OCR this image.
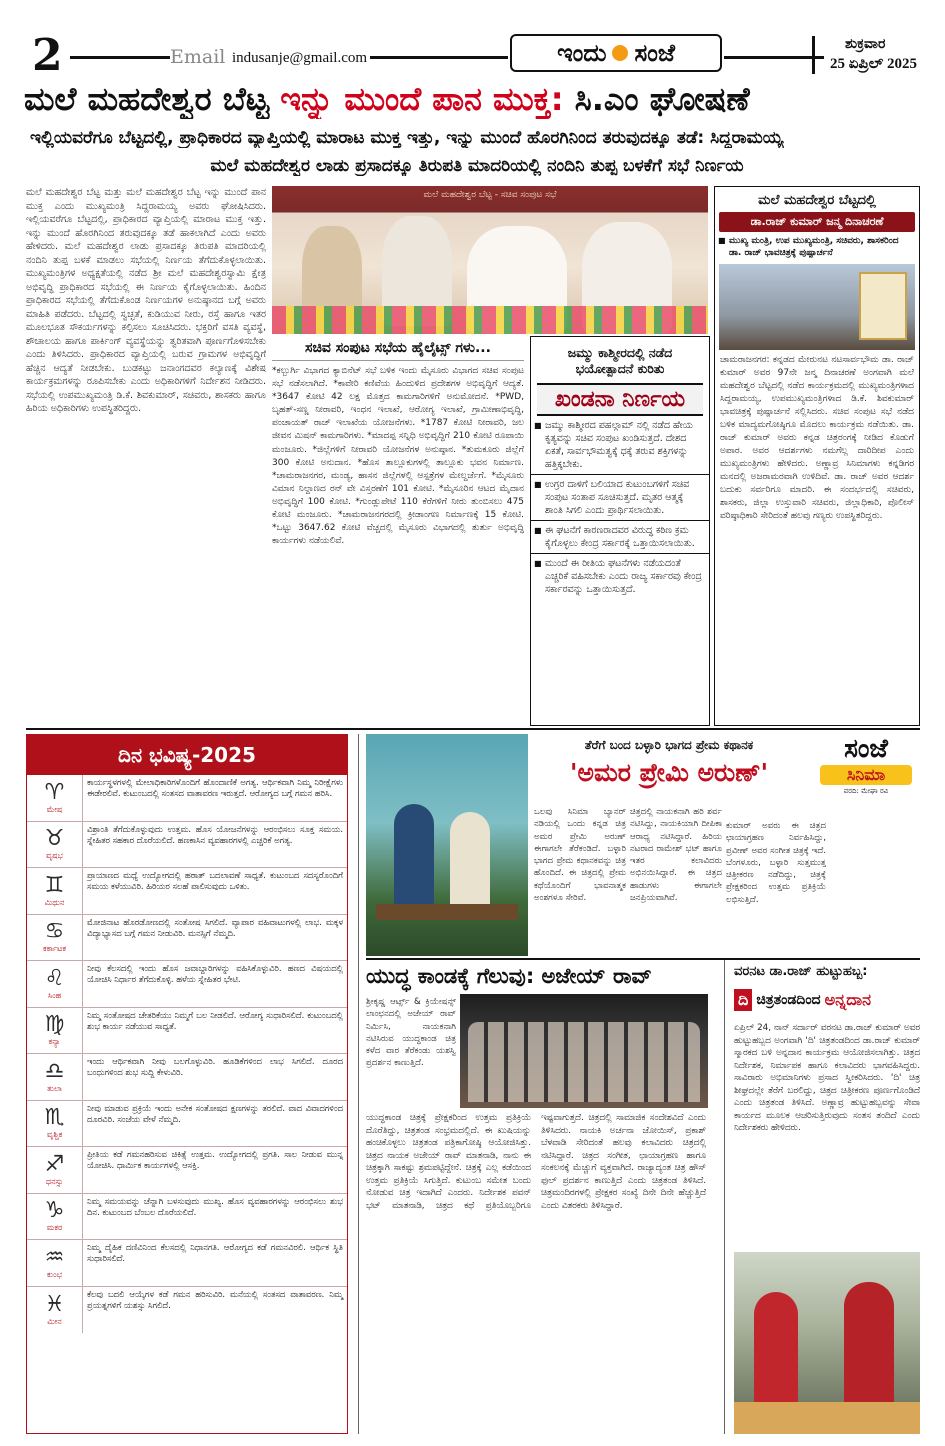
2	Email indusanje@gmail.com	ಇಂದು ಸಂಜೆ	ಶುಕ್ರವಾರ
25 ಏಪ್ರಿಲ್ 2025
ಮಲೆ ಮಹದೇಶ್ವರ ಬೆಟ್ಟ ಇನ್ನು ಮುಂದೆ ಪಾನ ಮುಕ್ತ: ಸಿ.ಎಂ ಘೋಷಣೆ
ಇಲ್ಲಿಯವರೆಗೂ ಬೆಟ್ಟದಲ್ಲಿ, ಪ್ರಾಧಿಕಾರದ ವ್ಯಾಪ್ತಿಯಲ್ಲಿ ಮಾರಾಟ ಮುಕ್ತ ಇತ್ತು, ಇನ್ನು ಮುಂದೆ ಹೊರಗಿನಿಂದ ತರುವುದಕ್ಕೂ ತಡೆ: ಸಿದ್ದರಾಮಯ್ಯ
ಮಲೆ ಮಹದೇಶ್ವರ ಲಾಡು ಪ್ರಸಾದಕ್ಕೂ ತಿರುಪತಿ ಮಾದರಿಯಲ್ಲಿ ನಂದಿನಿ ತುಪ್ಪ ಬಳಕೆಗೆ ಸಭೆ ನಿರ್ಣಯ
ಮಲೆ ಮಹದೇಶ್ವರ ಬೆಟ್ಟ ಮತ್ತು ಮಲೆ ಮಹದೇಶ್ವರ ಬೆಟ್ಟ ಇನ್ನು ಮುಂದೆ ಪಾನ ಮುಕ್ತ ಎಂದು ಮುಖ್ಯಮಂತ್ರಿ ಸಿದ್ದರಾಮಯ್ಯ ಅವರು ಘೋಷಿಸಿದರು. ಇಲ್ಲಿಯವರೆಗೂ ಬೆಟ್ಟದಲ್ಲಿ, ಪ್ರಾಧಿಕಾರದ ವ್ಯಾಪ್ತಿಯಲ್ಲಿ ಮಾರಾಟ ಮುಕ್ತ ಇತ್ತು. ಇನ್ನು ಮುಂದೆ ಹೊರಗಿನಿಂದ ತರುವುದಕ್ಕೂ ತಡೆ ಹಾಕಲಾಗಿದೆ ಎಂದು ಅವರು ಹೇಳಿದರು. ಮಲೆ ಮಹದೇಶ್ವರ ಲಾಡು ಪ್ರಸಾದಕ್ಕೂ ತಿರುಪತಿ ಮಾದರಿಯಲ್ಲಿ ನಂದಿನಿ ತುಪ್ಪ ಬಳಕೆ ಮಾಡಲು ಸಭೆಯಲ್ಲಿ ನಿರ್ಣಯ ತೆಗೆದುಕೊಳ್ಳಲಾಯಿತು. ಮುಖ್ಯಮಂತ್ರಿಗಳ ಅಧ್ಯಕ್ಷತೆಯಲ್ಲಿ ನಡೆದ ಶ್ರೀ ಮಲೆ ಮಹದೇಶ್ವರಸ್ವಾಮಿ ಕ್ಷೇತ್ರ ಅಭಿವೃದ್ಧಿ ಪ್ರಾಧಿಕಾರದ ಸಭೆಯಲ್ಲಿ ಈ ನಿರ್ಣಯ ಕೈಗೊಳ್ಳಲಾಯಿತು. ಹಿಂದಿನ ಪ್ರಾಧಿಕಾರದ ಸಭೆಯಲ್ಲಿ ತೆಗೆದುಕೊಂಡ ನಿರ್ಣಯಗಳ ಅನುಷ್ಠಾನದ ಬಗ್ಗೆ ಅವರು ಮಾಹಿತಿ ಪಡೆದರು. ಬೆಟ್ಟದಲ್ಲಿ ಸ್ವಚ್ಛತೆ, ಕುಡಿಯುವ ನೀರು, ರಸ್ತೆ ಹಾಗೂ ಇತರ ಮೂಲಭೂತ ಸೌಕರ್ಯಗಳನ್ನು ಕಲ್ಪಿಸಲು ಸೂಚಿಸಿದರು. ಭಕ್ತರಿಗೆ ವಸತಿ ವ್ಯವಸ್ಥೆ, ಶೌಚಾಲಯ ಹಾಗೂ ಪಾರ್ಕಿಂಗ್ ವ್ಯವಸ್ಥೆಯನ್ನು ತ್ವರಿತವಾಗಿ ಪೂರ್ಣಗೊಳಿಸಬೇಕು ಎಂದು ತಿಳಿಸಿದರು. ಪ್ರಾಧಿಕಾರದ ವ್ಯಾಪ್ತಿಯಲ್ಲಿ ಬರುವ ಗ್ರಾಮಗಳ ಅಭಿವೃದ್ಧಿಗೆ ಹೆಚ್ಚಿನ ಆದ್ಯತೆ ನೀಡಬೇಕು. ಬುಡಕಟ್ಟು ಜನಾಂಗದವರ ಕಲ್ಯಾಣಕ್ಕೆ ವಿಶೇಷ ಕಾರ್ಯಕ್ರಮಗಳನ್ನು ರೂಪಿಸಬೇಕು ಎಂದು ಅಧಿಕಾರಿಗಳಿಗೆ ನಿರ್ದೇಶನ ನೀಡಿದರು. ಸಭೆಯಲ್ಲಿ ಉಪಮುಖ್ಯಮಂತ್ರಿ ಡಿ.ಕೆ. ಶಿವಕುಮಾರ್, ಸಚಿವರು, ಶಾಸಕರು ಹಾಗೂ ಹಿರಿಯ ಅಧಿಕಾರಿಗಳು ಉಪಸ್ಥಿತರಿದ್ದರು.
ಮಲೆ ಮಹದೇಶ್ವರ ಬೆಟ್ಟ - ಸಚಿವ ಸಂಪುಟ ಸಭೆ
ಸಚಿವ ಸಂಪುಟ ಸಭೆಯ ಹೈಲೈಟ್ಸ್ ಗಳು...
*ಕಲ್ಬುರ್ಗಿ ವಿಭಾಗದ ಕ್ಯಾಬಿನೆಟ್ ಸಭೆ ಬಳಿಕ ಇಂದು ಮೈಸೂರು ವಿಭಾಗದ ಸಚಿವ ಸಂಪುಟ ಸಭೆ ನಡೆಸಲಾಗಿದೆ. *ಕಾವೇರಿ ಕಣಿವೆಯ ಹಿಂದುಳಿದ ಪ್ರದೇಶಗಳ ಅಭಿವೃದ್ಧಿಗೆ ಆದ್ಯತೆ. *3647 ಕೋಟಿ 42 ಲಕ್ಷ ಮೊತ್ತದ ಕಾಮಗಾರಿಗಳಿಗೆ ಅನುಮೋದನೆ. *PWD, ಬೃಹತ್-ಸಣ್ಣ ನೀರಾವರಿ, ಇಂಧನ ಇಲಾಖೆ, ಆರೋಗ್ಯ ಇಲಾಖೆ, ಗ್ರಾಮೀಣಾಭಿವೃದ್ಧಿ, ಪಂಚಾಯತ್ ರಾಜ್ ಇಲಾಖೆಯ ಯೋಜನೆಗಳು. *1787 ಕೋಟಿ ನೀರಾವರಿ, ಜಲ ಜೀವನ ಮಿಷನ್ ಕಾಮಗಾರಿಗಳು. *ಮಾದಪ್ಪ ಸನ್ನಿಧಿ ಅಭಿವೃದ್ಧಿಗೆ 210 ಕೋಟಿ ರೂಪಾಯಿ ಮಂಜೂರು. *ಜಿಲ್ಲೆಗಳಿಗೆ ನೀರಾವರಿ ಯೋಜನೆಗಳ ಅನುಷ್ಠಾನ. *ತುಮಕೂರು ಜಿಲ್ಲೆಗೆ 300 ಕೋಟಿ ಅನುದಾನ. *ಹೊಸ ತಾಲ್ಲೂಕುಗಳಲ್ಲಿ ತಾಲ್ಲೂಕು ಭವನ ನಿರ್ಮಾಣ. *ಚಾಮರಾಜನಗರ, ಮಂಡ್ಯ, ಹಾಸನ ಜಿಲ್ಲೆಗಳಲ್ಲಿ ಆಸ್ಪತ್ರೆಗಳ ಮೇಲ್ದರ್ಜೆಗೆ. *ಮೈಸೂರು ವಿಮಾನ ನಿಲ್ದಾಣದ ರನ್ ವೇ ವಿಸ್ತರಣೆಗೆ 101 ಕೋಟಿ. *ಮೈಸೂರಿನ ಆಟದ ಮೈದಾನ ಅಭಿವೃದ್ಧಿಗೆ 100 ಕೋಟಿ. *ಗುಂಡ್ಲುಪೇಟೆ 110 ಕೆರೆಗಳಿಗೆ ನೀರು ತುಂಬಿಸಲು 475 ಕೋಟಿ ಮಂಜೂರು. *ಚಾಮರಾಜನಗರದಲ್ಲಿ ಕ್ರೀಡಾಂಗಣ ನಿರ್ಮಾಣಕ್ಕೆ 15 ಕೋಟಿ. *ಒಟ್ಟು 3647.62 ಕೋಟಿ ವೆಚ್ಚದಲ್ಲಿ ಮೈಸೂರು ವಿಭಾಗದಲ್ಲಿ ತುರ್ತು ಅಭಿವೃದ್ಧಿ ಕಾರ್ಯಗಳು ನಡೆಯಲಿವೆ.
ಜಮ್ಮು ಕಾಶ್ಮೀರದಲ್ಲಿ ನಡೆದ
ಭಯೋತ್ಪಾದನೆ ಕುರಿತು
ಖಂಡನಾ ನಿರ್ಣಯ
■ ಜಮ್ಮು ಕಾಶ್ಮೀರದ ಪಹಲ್ಗಾಮ್ ನಲ್ಲಿ ನಡೆದ ಹೇಯ ಕೃತ್ಯವನ್ನು ಸಚಿವ ಸಂಪುಟ ಖಂಡಿಸುತ್ತದೆ. ದೇಶದ ಏಕತೆ, ಸಾರ್ವಭೌಮತ್ವಕ್ಕೆ ಧಕ್ಕೆ ತರುವ ಶಕ್ತಿಗಳನ್ನು ಹತ್ತಿಕ್ಕಬೇಕು.
■ ಉಗ್ರರ ದಾಳಿಗೆ ಬಲಿಯಾದ ಕುಟುಂಬಗಳಿಗೆ ಸಚಿವ ಸಂಪುಟ ಸಂತಾಪ ಸೂಚಿಸುತ್ತದೆ. ಮೃತರ ಆತ್ಮಕ್ಕೆ ಶಾಂತಿ ಸಿಗಲಿ ಎಂದು ಪ್ರಾರ್ಥಿಸಲಾಯಿತು.
■ ಈ ಘಟನೆಗೆ ಕಾರಣರಾದವರ ವಿರುದ್ಧ ಕಠಿಣ ಕ್ರಮ ಕೈಗೊಳ್ಳಲು ಕೇಂದ್ರ ಸರ್ಕಾರಕ್ಕೆ ಒತ್ತಾಯಿಸಲಾಯಿತು.
■ ಮುಂದೆ ಈ ರೀತಿಯ ಘಟನೆಗಳು ನಡೆಯದಂತೆ ಎಚ್ಚರಿಕೆ ವಹಿಸಬೇಕು ಎಂದು ರಾಜ್ಯ ಸರ್ಕಾರವು ಕೇಂದ್ರ ಸರ್ಕಾರವನ್ನು ಒತ್ತಾಯಿಸುತ್ತದೆ.
ಮಲೆ ಮಹದೇಶ್ವರ ಬೆಟ್ಟದಲ್ಲಿ
ಡಾ.ರಾಜ್ ಕುಮಾರ್ ಜನ್ಮ ದಿನಾಚರಣೆ
■ ಮುಖ್ಯ ಮಂತ್ರಿ, ಉಪ ಮುಖ್ಯಮಂತ್ರಿ, ಸಚಿವರು, ಶಾಸಕರಿಂದ ಡಾ. ರಾಜ್ ಭಾವಚಿತ್ರಕ್ಕೆ ಪುಷ್ಪಾರ್ಚನೆ
ಚಾಮರಾಜನಗರ: ಕನ್ನಡದ ಮೇರುನಟ ನಟಸಾರ್ವಭೌಮ ಡಾ. ರಾಜ್ ಕುಮಾರ್ ಅವರ 97ನೇ ಜನ್ಮ ದಿನಾಚರಣೆ ಅಂಗವಾಗಿ ಮಲೆ ಮಹದೇಶ್ವರ ಬೆಟ್ಟದಲ್ಲಿ ನಡೆದ ಕಾರ್ಯಕ್ರಮದಲ್ಲಿ ಮುಖ್ಯಮಂತ್ರಿಗಳಾದ ಸಿದ್ದರಾಮಯ್ಯ, ಉಪಮುಖ್ಯಮಂತ್ರಿಗಳಾದ ಡಿ.ಕೆ. ಶಿವಕುಮಾರ್ ಭಾವಚಿತ್ರಕ್ಕೆ ಪುಷ್ಪಾರ್ಚನೆ ಸಲ್ಲಿಸಿದರು. ಸಚಿವ ಸಂಪುಟ ಸಭೆ ನಡೆದ ಬಳಿಕ ಮಾದ್ಯಮಗೋಷ್ಠಿಗೂ ಮೊದಲು ಕಾರ್ಯಕ್ರಮ ನಡೆಯಿತು. ಡಾ. ರಾಜ್ ಕುಮಾರ್ ಅವರು ಕನ್ನಡ ಚಿತ್ರರಂಗಕ್ಕೆ ನೀಡಿದ ಕೊಡುಗೆ ಅಪಾರ. ಅವರ ಆದರ್ಶಗಳು ನಮಗೆಲ್ಲ ದಾರಿದೀಪ ಎಂದು ಮುಖ್ಯಮಂತ್ರಿಗಳು ಹೇಳಿದರು. ಅಣ್ಣಾವ್ರ ಸಿನಿಮಾಗಳು ಕನ್ನಡಿಗರ ಮನದಲ್ಲಿ ಅಜರಾಮರವಾಗಿ ಉಳಿದಿವೆ. ಡಾ. ರಾಜ್ ಅವರ ಆದರ್ಶ ಬದುಕು ಸರ್ವರಿಗೂ ಮಾದರಿ. ಈ ಸಂದರ್ಭದಲ್ಲಿ ಸಚಿವರು, ಶಾಸಕರು, ಜಿಲ್ಲಾ ಉಸ್ತುವಾರಿ ಸಚಿವರು, ಜಿಲ್ಲಾಧಿಕಾರಿ, ಪೊಲೀಸ್ ವರಿಷ್ಠಾಧಿಕಾರಿ ಸೇರಿದಂತೆ ಹಲವು ಗಣ್ಯರು ಉಪಸ್ಥಿತರಿದ್ದರು.
ದಿನ ಭವಿಷ್ಯ-2025
♈
ಮೇಷ
ಕಾರ್ಯಸ್ಥಳಗಳಲ್ಲಿ ಮೇಲಾಧಿಕಾರಿಗಳೊಂದಿಗೆ ಹೊಂದಾಣಿಕೆ ಅಗತ್ಯ. ಆರ್ಥಿಕವಾಗಿ ನಿಮ್ಮ ನಿರೀಕ್ಷೆಗಳು ಈಡೇರಲಿವೆ. ಕುಟುಂಬದಲ್ಲಿ ಸಂತಸದ ವಾತಾವರಣ ಇರುತ್ತದೆ. ಆರೋಗ್ಯದ ಬಗ್ಗೆ ಗಮನ ಹರಿಸಿ.
♉
ವೃಷಭ
ವಿಶ್ರಾಂತಿ ತೆಗೆದುಕೊಳ್ಳುವುದು ಉತ್ತಮ. ಹೊಸ ಯೋಜನೆಗಳನ್ನು ಆರಂಭಿಸಲು ಸೂಕ್ತ ಸಮಯ. ಸ್ನೇಹಿತರ ಸಹಕಾರ ದೊರೆಯಲಿದೆ. ಹಣಕಾಸಿನ ವ್ಯವಹಾರಗಳಲ್ಲಿ ಎಚ್ಚರಿಕೆ ಅಗತ್ಯ.
♊
ಮಿಥುನ
ಪ್ರಾಯಾಣದ ಮಧ್ಯೆ ಉದ್ಯೋಗದಲ್ಲಿ ಹಠಾತ್ ಬದಲಾವಣೆ ಸಾಧ್ಯತೆ. ಕುಟುಂಬದ ಸದಸ್ಯರೊಂದಿಗೆ ಸಮಯ ಕಳೆಯುವಿರಿ. ಹಿರಿಯರ ಸಲಹೆ ಪಾಲಿಸುವುದು ಒಳಿತು.
♋
ಕರ್ಕಾಟಕ
ಮೋಜಿನಾಟ ಹೊರಡೋಣದಲ್ಲಿ ಸಂತೋಷ ಸಿಗಲಿದೆ. ವ್ಯಾಪಾರ ವಹಿವಾಟುಗಳಲ್ಲಿ ಲಾಭ. ಮಕ್ಕಳ ವಿದ್ಯಾಭ್ಯಾಸದ ಬಗ್ಗೆ ಗಮನ ನೀಡುವಿರಿ. ಮನಸ್ಸಿಗೆ ನೆಮ್ಮದಿ.
♌
ಸಿಂಹ
ನೀವು ಕೆಲಸದಲ್ಲಿ ಇಂದು ಹೊಸ ಜವಾಬ್ದಾರಿಗಳನ್ನು ವಹಿಸಿಕೊಳ್ಳುವಿರಿ. ಹಣದ ವಿಷಯದಲ್ಲಿ ಯೋಚಿಸಿ ನಿರ್ಧಾರ ತೆಗೆದುಕೊಳ್ಳಿ. ಹಳೆಯ ಸ್ನೇಹಿತರ ಭೇಟಿ.
♍
ಕನ್ಯಾ
ನಿಮ್ಮ ಸಂತೋಷದ ಚೇತರಿಕೆಯು ನಿಮ್ಮಗೆ ಬಲ ನೀಡಲಿದೆ. ಆರೋಗ್ಯ ಸುಧಾರಿಸಲಿದೆ. ಕುಟುಂಬದಲ್ಲಿ ಶುಭ ಕಾರ್ಯ ನಡೆಯುವ ಸಾಧ್ಯತೆ.
♎
ತುಲಾ
ಇಂದು ಆರ್ಥಿಕವಾಗಿ ನೀವು ಬಲಗೊಳ್ಳುವಿರಿ. ಹೂಡಿಕೆಗಳಿಂದ ಲಾಭ ಸಿಗಲಿದೆ. ದೂರದ ಬಂಧುಗಳಿಂದ ಶುಭ ಸುದ್ದಿ ಕೇಳುವಿರಿ.
♏
ವೃಶ್ಚಿಕ
ನೀವು ಮಾಡುವ ಪ್ರಕ್ರಿಯೆ ಇಂದು ಅನೇಕ ಸಂತೋಷದ ಕ್ಷಣಗಳನ್ನು ತರಲಿದೆ. ವಾದ ವಿವಾದಗಳಿಂದ ದೂರವಿರಿ. ಸಂಜೆಯ ವೇಳೆ ನೆಮ್ಮದಿ.
♐
ಧನಸ್ಸು
ಪ್ರೀತಿಯ ಕಡೆ ಗಮನಹರಿಸುವ ಚಿಕಿತ್ಸೆ ಉತ್ತಮ. ಉದ್ಯೋಗದಲ್ಲಿ ಪ್ರಗತಿ. ಸಾಲ ನೀಡುವ ಮುನ್ನ ಯೋಚಿಸಿ. ಧಾರ್ಮಿಕ ಕಾರ್ಯಗಳಲ್ಲಿ ಆಸಕ್ತಿ.
♑
ಮಕರ
ನಿಮ್ಮ ಸಮಯವನ್ನು ಚೆನ್ನಾಗಿ ಬಳಸುವುದು ಮುಖ್ಯ. ಹೊಸ ವ್ಯವಹಾರಗಳನ್ನು ಆರಂಭಿಸಲು ಶುಭ ದಿನ. ಕುಟುಂಬದ ಬೆಂಬಲ ದೊರೆಯಲಿದೆ.
♒
ಕುಂಭ
ನಿಮ್ಮ ದೈಹಿಕ ದಣಿವಿನಿಂದ ಕೆಲಸದಲ್ಲಿ ನಿಧಾನಗತಿ. ಆರೋಗ್ಯದ ಕಡೆ ಗಮನವಿರಲಿ. ಆರ್ಥಿಕ ಸ್ಥಿತಿ ಸುಧಾರಿಸಲಿದೆ.
♓
ಮೀನ
ಕೆಲವು ಬದಲಿ ಆಯ್ಕೆಗಳ ಕಡೆ ಗಮನ ಹರಿಸುವಿರಿ. ಮನೆಯಲ್ಲಿ ಸಂತಸದ ವಾತಾವರಣ. ನಿಮ್ಮ ಪ್ರಯತ್ನಗಳಿಗೆ ಯಶಸ್ಸು ಸಿಗಲಿದೆ.
ತೆರೆಗೆ ಬಂದ ಬಳ್ಳಾರಿ ಭಾಗದ ಪ್ರೇಮ ಕಥಾನಕ
'ಅಮರ ಪ್ರೇಮಿ ಅರುಣ್'
ಸಂಜೆ
ಸಿನಿಮಾ
ವರದಿ: ಮೇಘಾ ರವಿ
ಒಲವು ಸಿನಿಮಾ ಬ್ಯಾನರ್ ನಡಿಯಲ್ಲಿ ಒಂದು ಕನ್ನಡ ಚಿತ್ರ ಅಮರ ಪ್ರೇಮಿ ಅರುಣ್ ಈಗಾಗಲೇ ತೆರೆಕಂಡಿದೆ. ಬಳ್ಳಾರಿ ಭಾಗದ ಪ್ರೇಮ ಕಥಾನಕವನ್ನು ಚಿತ್ರ ಹೊಂದಿದೆ. ಈ ಚಿತ್ರದಲ್ಲಿ ಪ್ರೇಮ ಕಥೆಯೊಂದಿಗೆ ಭಾವನಾತ್ಮಕ ಅಂಶಗಳೂ ಸೇರಿವೆ.
ಚಿತ್ರದಲ್ಲಿ ನಾಯಕನಾಗಿ ಹರಿ ಶರ್ವ ನಟಿಸಿದ್ದು, ನಾಯಕಿಯಾಗಿ ದೀಪಿಕಾ ಆರಾಧ್ಯ ನಟಿಸಿದ್ದಾರೆ. ಹಿರಿಯ ನಟರಾದ ರಾಮೇಶ್ ಭಟ್ ಹಾಗೂ ಇತರ ಕಲಾವಿದರು ಅಭಿನಯಿಸಿದ್ದಾರೆ. ಈ ಚಿತ್ರದ ಹಾಡುಗಳು ಈಗಾಗಲೇ ಜನಪ್ರಿಯವಾಗಿವೆ.
ಕುಮಾರ್ ಅವರು ಈ ಚಿತ್ರದ ಛಾಯಾಗ್ರಹಣ ನಿರ್ವಹಿಸಿದ್ದು, ಪ್ರವೀಣ್ ಅವರ ಸಂಗೀತ ಚಿತ್ರಕ್ಕೆ ಇದೆ. ಬೆಂಗಳೂರು, ಬಳ್ಳಾರಿ ಸುತ್ತಮುತ್ತ ಚಿತ್ರೀಕರಣ ನಡೆದಿದ್ದು, ಚಿತ್ರಕ್ಕೆ ಪ್ರೇಕ್ಷಕರಿಂದ ಉತ್ತಮ ಪ್ರತಿಕ್ರಿಯೆ ಲಭಿಸುತ್ತಿದೆ.
ಯುದ್ಧ ಕಾಂಡಕ್ಕೆ ಗೆಲುವು: ಅಜೇಯ್ ರಾವ್
ಶ್ರೀಕೃಷ್ಣ ಆರ್ಟ್ಸ್ & ಕ್ರಿಯೇಷನ್ಸ್ ಲಾಂಛನದಲ್ಲಿ ಅಜೇಯ್ ರಾವ್ ನಿರ್ಮಿಸಿ, ನಾಯಕನಾಗಿ ನಟಿಸಿರುವ ಯುದ್ಧಕಾಂಡ ಚಿತ್ರ ಕಳೆದ ವಾರ ತೆರೆಕಂಡು ಯಶಸ್ವಿ ಪ್ರದರ್ಶನ ಕಾಣುತ್ತಿದೆ.
ಯುದ್ಧಕಾಂಡ ಚಿತ್ರಕ್ಕೆ ಪ್ರೇಕ್ಷಕರಿಂದ ಉತ್ತಮ ಪ್ರತಿಕ್ರಿಯೆ ದೊರೆತಿದ್ದು, ಚಿತ್ರತಂಡ ಸಂಭ್ರಮದಲ್ಲಿದೆ. ಈ ಖುಷಿಯನ್ನು ಹಂಚಿಕೊಳ್ಳಲು ಚಿತ್ರತಂಡ ಪತ್ರಿಕಾಗೋಷ್ಠಿ ಆಯೋಜಿಸಿತ್ತು. ಚಿತ್ರದ ನಾಯಕ ಅಜೇಯ್ ರಾವ್ ಮಾತನಾಡಿ, ನಾನು ಈ ಚಿತ್ರಕ್ಕಾಗಿ ಸಾಕಷ್ಟು ಶ್ರಮಪಟ್ಟಿದ್ದೇನೆ. ಚಿತ್ರಕ್ಕೆ ಎಲ್ಲ ಕಡೆಯಿಂದ ಉತ್ತಮ ಪ್ರತಿಕ್ರಿಯೆ ಸಿಗುತ್ತಿದೆ. ಕುಟುಂಬ ಸಮೇತ ಬಂದು ನೋಡುವ ಚಿತ್ರ ಇದಾಗಿದೆ ಎಂದರು. ನಿರ್ದೇಶಕ ಪವನ್ ಭಟ್ ಮಾತನಾಡಿ, ಚಿತ್ರದ ಕಥೆ ಪ್ರತಿಯೊಬ್ಬರಿಗೂ ಇಷ್ಟವಾಗುತ್ತದೆ. ಚಿತ್ರದಲ್ಲಿ ಸಾಮಾಜಿಕ ಸಂದೇಶವಿದೆ ಎಂದು ತಿಳಿಸಿದರು. ನಾಯಕಿ ಅರ್ಚನಾ ಜೋಯಿಸ್, ಪ್ರಕಾಶ್ ಬೆಳವಾಡಿ ಸೇರಿದಂತೆ ಹಲವು ಕಲಾವಿದರು ಚಿತ್ರದಲ್ಲಿ ನಟಿಸಿದ್ದಾರೆ. ಚಿತ್ರದ ಸಂಗೀತ, ಛಾಯಾಗ್ರಹಣ ಹಾಗೂ ಸಂಕಲನಕ್ಕೆ ಮೆಚ್ಚುಗೆ ವ್ಯಕ್ತವಾಗಿದೆ. ರಾಜ್ಯಾದ್ಯಂತ ಚಿತ್ರ ಹೌಸ್ ಫುಲ್ ಪ್ರದರ್ಶನ ಕಾಣುತ್ತಿದೆ ಎಂದು ಚಿತ್ರತಂಡ ತಿಳಿಸಿದೆ. ಚಿತ್ರಮಂದಿರಗಳಲ್ಲಿ ಪ್ರೇಕ್ಷಕರ ಸಂಖ್ಯೆ ದಿನೇ ದಿನೇ ಹೆಚ್ಚುತ್ತಿದೆ ಎಂದು ವಿತರಕರು ತಿಳಿಸಿದ್ದಾರೆ.
ವರನಟ ಡಾ.ರಾಜ್ ಹುಟ್ಟುಹಬ್ಬ:
ದಿ ಚಿತ್ರತಂಡದಿಂದ ಅನ್ನದಾನ
ಏಪ್ರಿಲ್ 24, ನಾನ್ ಸರ್ದಾರ್ ವರನಟ ಡಾ.ರಾಜ್ ಕುಮಾರ್ ಅವರ ಹುಟ್ಟುಹಬ್ಬದ ಅಂಗವಾಗಿ 'ದಿ' ಚಿತ್ರತಂಡದಿಂದ ಡಾ.ರಾಜ್ ಕುಮಾರ್ ಸ್ಮಾರಕದ ಬಳಿ ಅನ್ನದಾನ ಕಾರ್ಯಕ್ರಮ ಆಯೋಜಿಸಲಾಗಿತ್ತು. ಚಿತ್ರದ ನಿರ್ದೇಶಕ, ನಿರ್ಮಾಪಕ ಹಾಗೂ ಕಲಾವಿದರು ಭಾಗವಹಿಸಿದ್ದರು. ಸಾವಿರಾರು ಅಭಿಮಾನಿಗಳು ಪ್ರಸಾದ ಸ್ವೀಕರಿಸಿದರು. 'ದಿ' ಚಿತ್ರ ಶೀಘ್ರದಲ್ಲೇ ತೆರೆಗೆ ಬರಲಿದ್ದು, ಚಿತ್ರದ ಚಿತ್ರೀಕರಣ ಪೂರ್ಣಗೊಂಡಿದೆ ಎಂದು ಚಿತ್ರತಂಡ ತಿಳಿಸಿದೆ. ಅಣ್ಣಾವ್ರ ಹುಟ್ಟುಹಬ್ಬವನ್ನು ಸೇವಾ ಕಾರ್ಯದ ಮೂಲಕ ಆಚರಿಸುತ್ತಿರುವುದು ಸಂತಸ ತಂದಿದೆ ಎಂದು ನಿರ್ದೇಶಕರು ಹೇಳಿದರು.
